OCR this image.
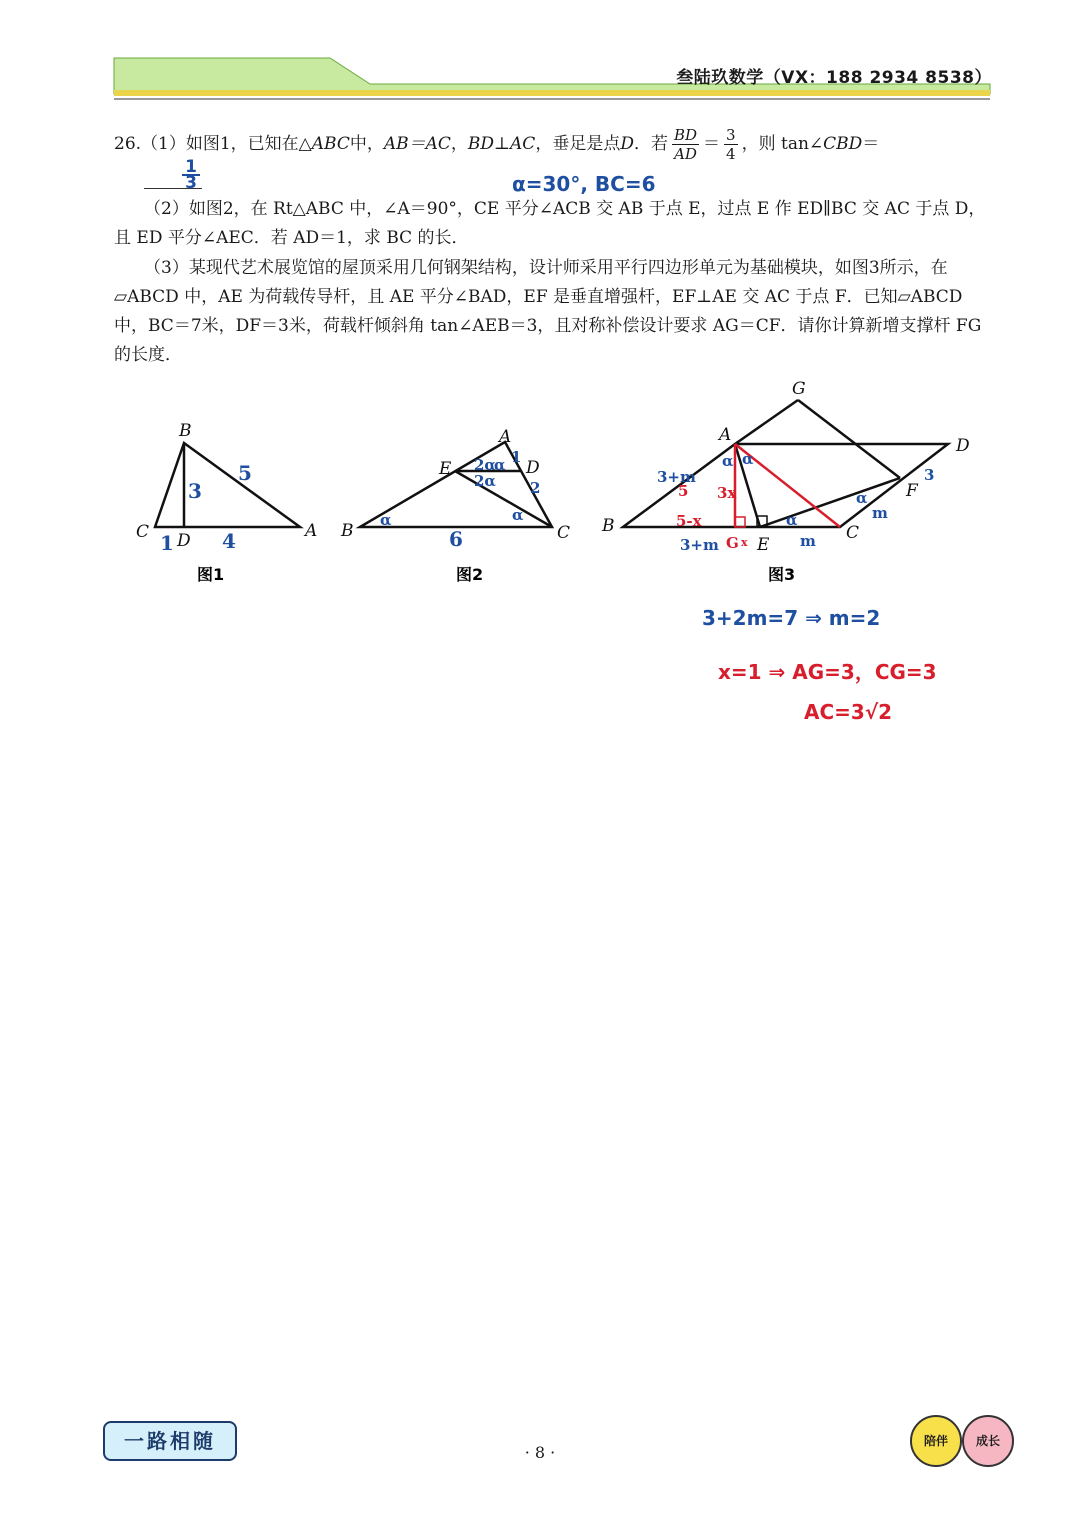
叁陆玖数学（VX：188 2934 8538）
26.（1）如图1，已知在△ABC中，AB＝AC，BD⊥AC，垂足是点D．若 $\frac{BD}{AD} = \frac{3}{4}$ ，则 tan∠CBD＝
1
3	α=30°, BC=6
（2）如图2，在 Rt△ABC 中，∠A＝90°，CE 平分∠ACB 交 AB 于点 E，过点 E 作 ED∥BC 交 AC 于点 D，且 ED 平分∠AEC．若 AD＝1，求 BC 的长．
（3）某现代艺术展览馆的屋顶采用几何钢架结构，设计师采用平行四边形单元为基础模块，如图3所示，在▱ABCD 中，AE 为荷载传导杆，且 AE 平分∠BAD，EF 是垂直增强杆，EF⊥AE 交 AC 于点 F．已知▱ABCD 中，BC＝7米，DF＝3米，荷载杆倾斜角 tan∠AEB＝3，且对称补偿设计要求 AG＝CF．请你计算新增支撑杆 FG 的长度．
B
C D	A
5
3
1 4
图1
A
B	C
D
E
6
1
2
2α
α
α
α
2α
图2
A
B	C
D
E
F
G
3+m
5 3x
5-x
3+m G x	m
3
m
α α
α
α
图3
3+2m=7 ⇒ m=2
x=1 ⇒ AG=3，CG=3
AC=3√2
一路相随	· 8 ·
陪伴	成长
